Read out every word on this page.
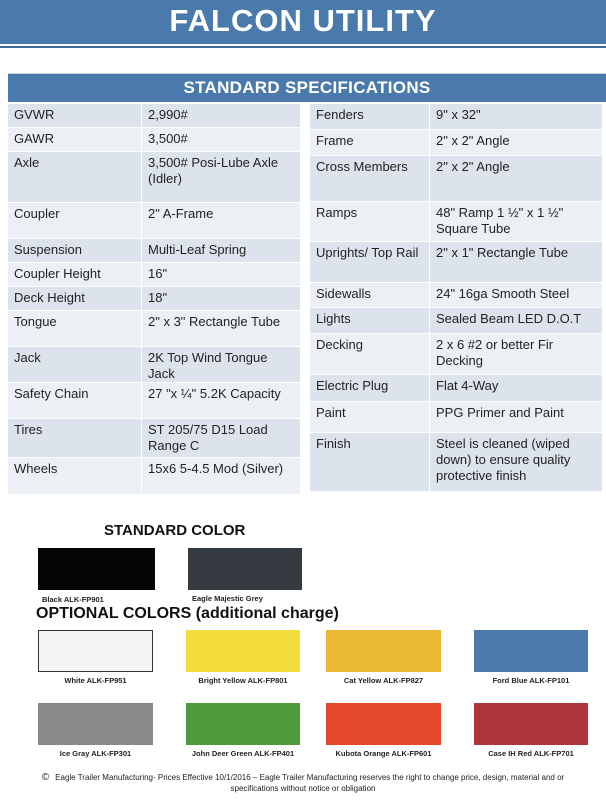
FALCON UTILITY
STANDARD SPECIFICATIONS
GVWR	2,990#
GAWR	3,500#
Axle	3,500# Posi-Lube Axle (Idler)
Coupler	2" A-Frame
Suspension	Multi-Leaf Spring
Coupler Height	16"
Deck Height	18"
Tongue	2" x 3" Rectangle Tube
Jack	2K Top Wind Tongue Jack
Safety Chain	27 "x ¼" 5.2K Capacity
Tires	ST 205/75 D15 Load Range C
Wheels	15x6 5-4.5 Mod (Silver)
Fenders	9" x 32"
Frame	2" x 2" Angle
Cross Members	2" x 2" Angle
Ramps	48" Ramp 1 ½" x 1 ½" Square Tube
Uprights/ Top Rail	2" x 1" Rectangle Tube
Sidewalls	24" 16ga Smooth Steel
Lights	Sealed Beam LED D.O.T
Decking	2 x 6 #2 or better Fir Decking
Electric Plug	Flat 4-Way
Paint	PPG Primer and Paint
Finish	Steel is cleaned (wiped down) to ensure quality protective finish
STANDARD COLOR
Black ALK-FP901	Eagle Majestic Grey
OPTIONAL COLORS (additional charge)
White ALK-FP951	Bright Yellow ALK-FP801	Cat Yellow ALK-FP827	Ford Blue ALK-FP101
Ice Gray ALK-FP301	John Deer Green ALK-FP401	Kubota Orange ALK-FP601	Case IH Red ALK-FP701
© Eagle Trailer Manufacturing- Prices Effective 10/1/2016 – Eagle Trailer Manufacturing reserves the right to change price, design, material and or
specifications without notice or obligation
